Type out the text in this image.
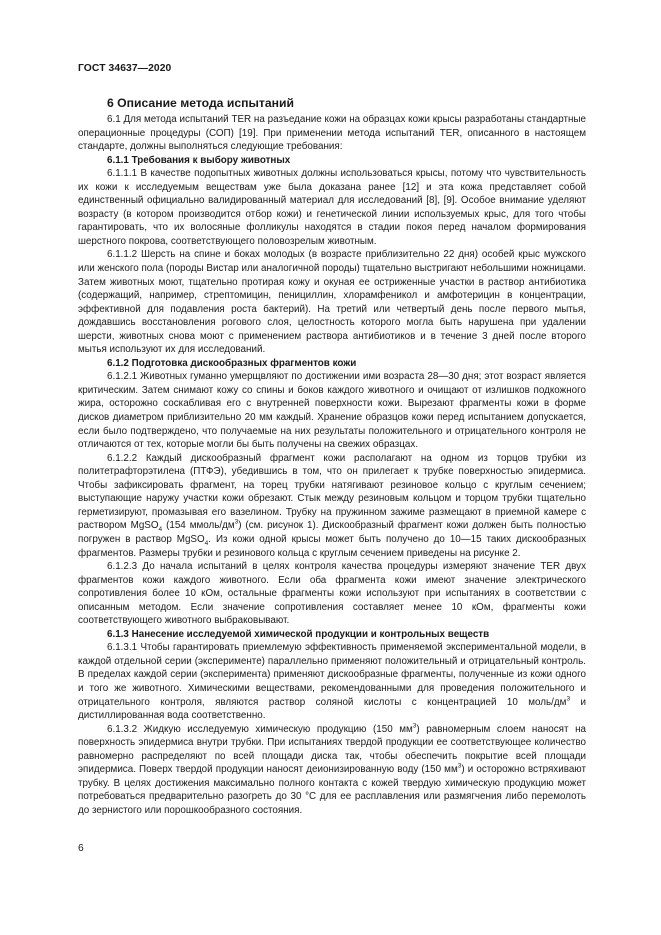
ГОСТ 34637—2020
6 Описание метода испытаний

6.1 Для метода испытаний TER на разъедание кожи на образцах кожи крысы разработаны стандартные операционные процедуры (СОП) [19]. При применении метода испытаний TER, описанного в настоящем стандарте, должны выполняться следующие требования:

6.1.1 Требования к выбору животных

6.1.1.1 В качестве подопытных животных должны использоваться крысы, потому что чувствительность их кожи к исследуемым веществам уже была доказана ранее [12] и эта кожа представляет собой единственный официально валидированный материал для исследований [8], [9]. Особое внимание уделяют возрасту (в котором производится отбор кожи) и генетической линии используемых крыс, для того чтобы гарантировать, что их волосяные фолликулы находятся в стадии покоя перед началом формирования шерстного покрова, соответствующего половозрелым животным.

6.1.1.2 Шерсть на спине и боках молодых (в возрасте приблизительно 22 дня) особей крыс мужского или женского пола (породы Вистар или аналогичной породы) тщательно выстригают небольшими ножницами. Затем животных моют, тщательно протирая кожу и окуная ее остриженные участки в раствор антибиотика (содержащий, например, стрептомицин, пенициллин, хлорамфеникол и амфотерицин в концентрации, эффективной для подавления роста бактерий). На третий или четвертый день после первого мытья, дождавшись восстановления рогового слоя, целостность которого могла быть нарушена при удалении шерсти, животных снова моют с применением раствора антибиотиков и в течение 3 дней после второго мытья используют их для исследований.

6.1.2 Подготовка дискообразных фрагментов кожи

6.1.2.1 Животных гуманно умерщвляют по достижении ими возраста 28—30 дня; этот возраст является критическим. Затем снимают кожу со спины и боков каждого животного и очищают от излишков подкожного жира, осторожно соскабливая его с внутренней поверхности кожи. Вырезают фрагменты кожи в форме дисков диаметром приблизительно 20 мм каждый. Хранение образцов кожи перед испытанием допускается, если было подтверждено, что получаемые на них результаты положительного и отрицательного контроля не отличаются от тех, которые могли бы быть получены на свежих образцах.

6.1.2.2 Каждый дискообразный фрагмент кожи располагают на одном из торцов трубки из политетрафторэтилена (ПТФЭ), убедившись в том, что он прилегает к трубке поверхностью эпидермиса. Чтобы зафиксировать фрагмент, на торец трубки натягивают резиновое кольцо с круглым сечением; выступающие наружу участки кожи обрезают. Стык между резиновым кольцом и торцом трубки тщательно герметизируют, промазывая его вазелином. Трубку на пружинном зажиме размещают в приемной камере с раствором MgSO$_4$ (154 ммоль/$дм^3$) (см. рисунок 1). Дискообразный фрагмент кожи должен быть полностью погружен в раствор MgSO$_4$. Из кожи одной крысы может быть получено до 10—15 таких дискообразных фрагментов. Размеры трубки и резинового кольца с круглым сечением приведены на рисунке 2.

6.1.2.3 До начала испытаний в целях контроля качества процедуры измеряют значение TER двух фрагментов кожи каждого животного. Если оба фрагмента кожи имеют значение электрического сопротивления более 10 кОм, остальные фрагменты кожи используют при испытаниях в соответствии с описанным методом. Если значение сопротивления составляет менее 10 кОм, фрагменты кожи соответствующего животного выбраковывают.

6.1.3 Нанесение исследуемой химической продукции и контрольных веществ

6.1.3.1 Чтобы гарантировать приемлемую эффективность применяемой экспериментальной модели, в каждой отдельной серии (эксперименте) параллельно применяют положительный и отрицательный контроль. В пределах каждой серии (эксперимента) применяют дискообразные фрагменты, полученные из кожи одного и того же животного. Химическими веществами, рекомендованными для проведения положительного и отрицательного контроля, являются раствор соляной кислоты с концентрацией 10 моль/$дм^3$ и дистиллированная вода соответственно.

6.1.3.2 Жидкую исследуемую химическую продукцию (150 $мм^3$) равномерным слоем наносят на поверхность эпидермиса внутри трубки. При испытаниях твердой продукции ее соответствующее количество равномерно распределяют по всей площади диска так, чтобы обеспечить покрытие всей площади эпидермиса. Поверх твердой продукции наносят деионизированную воду (150 $мм^3$) и осторожно встряхивают трубку. В целях достижения максимально полного контакта с кожей твердую химическую продукцию может потребоваться предварительно разогреть до 30 °С для ее расплавления или размягчения либо перемолоть до зернистого или порошкообразного состояния.

6
